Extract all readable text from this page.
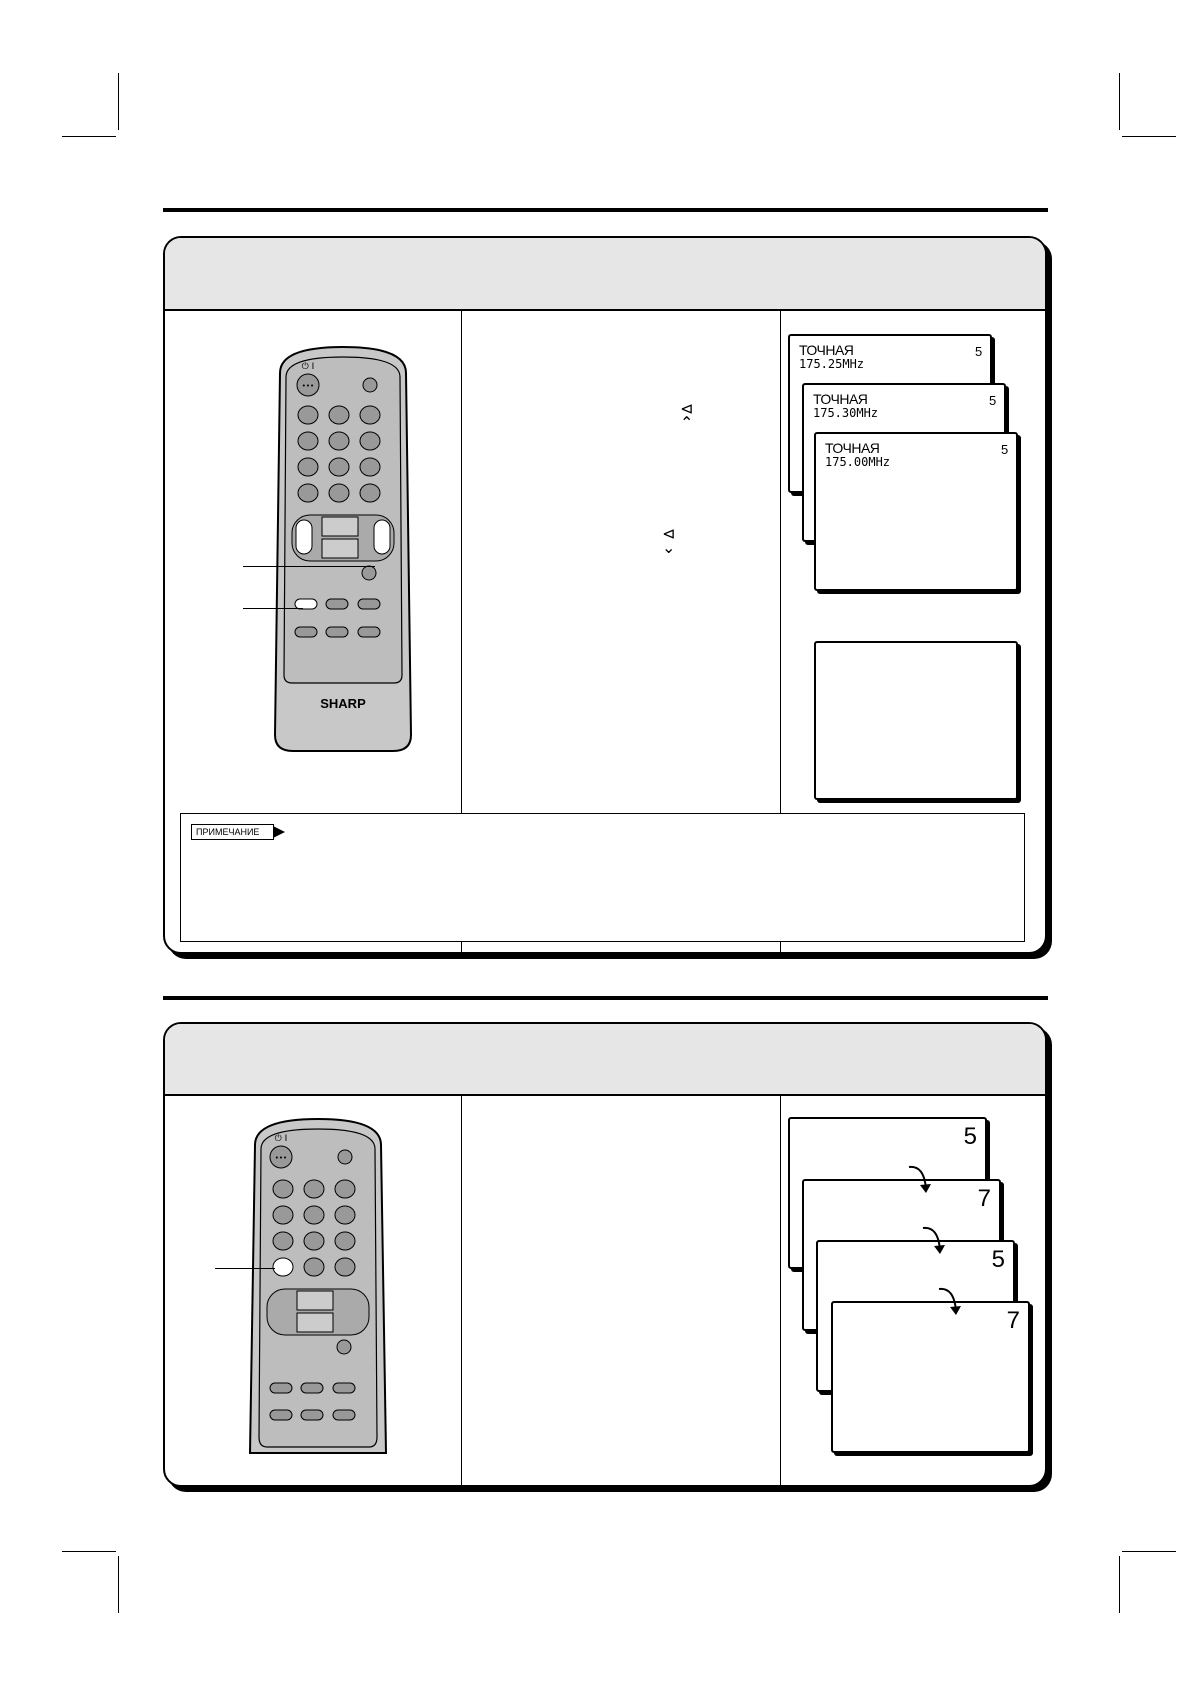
•••
⏻ I
SHARP
⊲
⌃
⊲
⌄
ТОЧНАЯ
175.25MHz
5
ТОЧНАЯ
175.30MHz
5
ТОЧНАЯ
175.00MHz
5
ПРИМЕЧАНИЕ
•••
⏻ I	5
7
5
7
